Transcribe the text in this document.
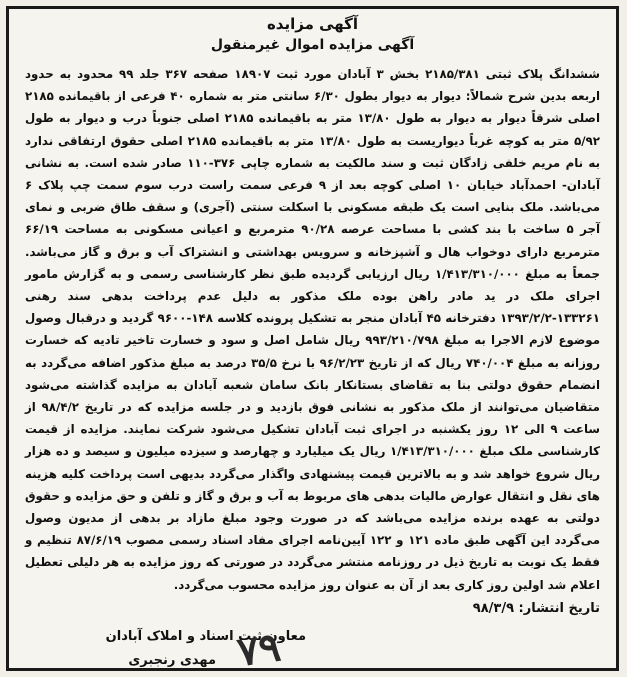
آگهی مزایده
آگهی مزایده اموال غیرمنقول
ششدانگ پلاک ثبتی ۲۱۸۵/۳۸۱ بخش ۳ آبادان مورد ثبت ۱۸۹۰۷ صفحه ۳۶۷ جلد ۹۹ محدود به حدود اربعه بدین شرح شمالاً: دیوار به دیوار بطول ۶/۳۰ سانتی متر به شماره ۴۰ فرعی از باقیمانده ۲۱۸۵ اصلی شرقاً دیوار به دیوار به طول ۱۳/۸۰ متر به باقیمانده ۲۱۸۵ اصلی جنوباً درب و دیوار به طول ۵/۹۲ متر به کوچه غرباً دیواریست به طول ۱۳/۸۰ متر به باقیمانده ۲۱۸۵ اصلی حقوق ارتفاقی ندارد به نام مریم خلفی زادگان ثبت و سند مالکیت به شماره چاپی ۳۷۶-۱۱۰ صادر شده است. به نشانی آبادان- احمدآباد خیابان ۱۰ اصلی کوچه بعد از ۹ فرعی سمت راست درب سوم سمت چپ پلاک ۶ می‌باشد. ملک بنایی است یک طبقه مسکونی با اسکلت سنتی (آجری) و سقف طاق ضربی و نمای آجر ۵ ساخت با بند کشی با مساحت عرصه ۹۰/۲۸ مترمربع و اعیانی مسکونی به مساحت ۶۶/۱۹ مترمربع دارای دوخواب هال و آشپزخانه و سرویس بهداشتی و انشتراک آب و برق و گاز می‌باشد. جمعاً به مبلغ ۱/۴۱۳/۳۱۰/۰۰۰ ریال ارزیابی گردیده طبق نظر کارشناسی رسمی و به گزارش مامور اجرای ملک در ید مادر راهن بوده ملک مذکور به دلیل عدم پرداخت بدهی سند رهنی ۱۳۳۲۶۱-۱۳۹۳/۲/۲ دفترخانه ۴۵ آبادان منجر به تشکیل پرونده کلاسه ۱۴۸-۹۶۰۰ گردید و درقبال وصول موضوع لازم الاجرا به مبلغ ۹۹۳/۲۱۰/۷۹۸ ریال شامل اصل و سود و خسارت تاخیر تادیه که خسارت روزانه به مبلغ ۷۴۰/۰۰۴ ریال که از تاریخ ۹۶/۲/۲۳ با نرخ ۳۵/۵ درصد به مبلغ مذکور اضافه می‌گردد به انضمام حقوق دولتی بنا به تقاضای بستانکار بانک سامان شعبه آبادان به مزایده گذاشته می‌شود متقاضیان می‌توانند از ملک مذکور به نشانی فوق بازدید و در جلسه مزایده که در تاریخ ۹۸/۴/۲ از ساعت ۹ الی ۱۲ روز یکشنبه در اجرای ثبت آبادان تشکیل می‌شود شرکت نمایند. مزایده از قیمت کارشناسی ملک مبلغ ۱/۴۱۳/۳۱۰/۰۰۰ ریال یک میلیارد و چهارصد و سیزده میلیون و سیصد و ده هزار ریال شروع خواهد شد و به بالاترین قیمت پیشنهادی واگذار می‌گردد بدیهی است پرداخت کلیه هزینه های نقل و انتقال عوارض مالیات بدهی های مربوط به آب و برق و گاز و تلفن و حق مزایده و حقوق دولتی به عهده برنده مزایده می‌باشد که در صورت وجود مبلغ مازاد بر بدهی از مدیون وصول می‌گردد این آگهی طبق ماده ۱۲۱ و ۱۲۲ آیین‌نامه اجرای مفاد اسناد رسمی مصوب ۸۷/۶/۱۹ تنظیم و فقط یک نوبت به تاریخ ذیل در روزنامه منتشر می‌گردد در صورتی که روز مزایده به هر دلیلی تعطیل اعلام شد اولین روز کاری بعد از آن به عنوان روز مزایده محسوب می‌گردد.
تاریخ انتشار: ۹۸/۳/۹
معاون ثبت اسناد و املاک آبادان
مهدی رنجبری ۷۹
